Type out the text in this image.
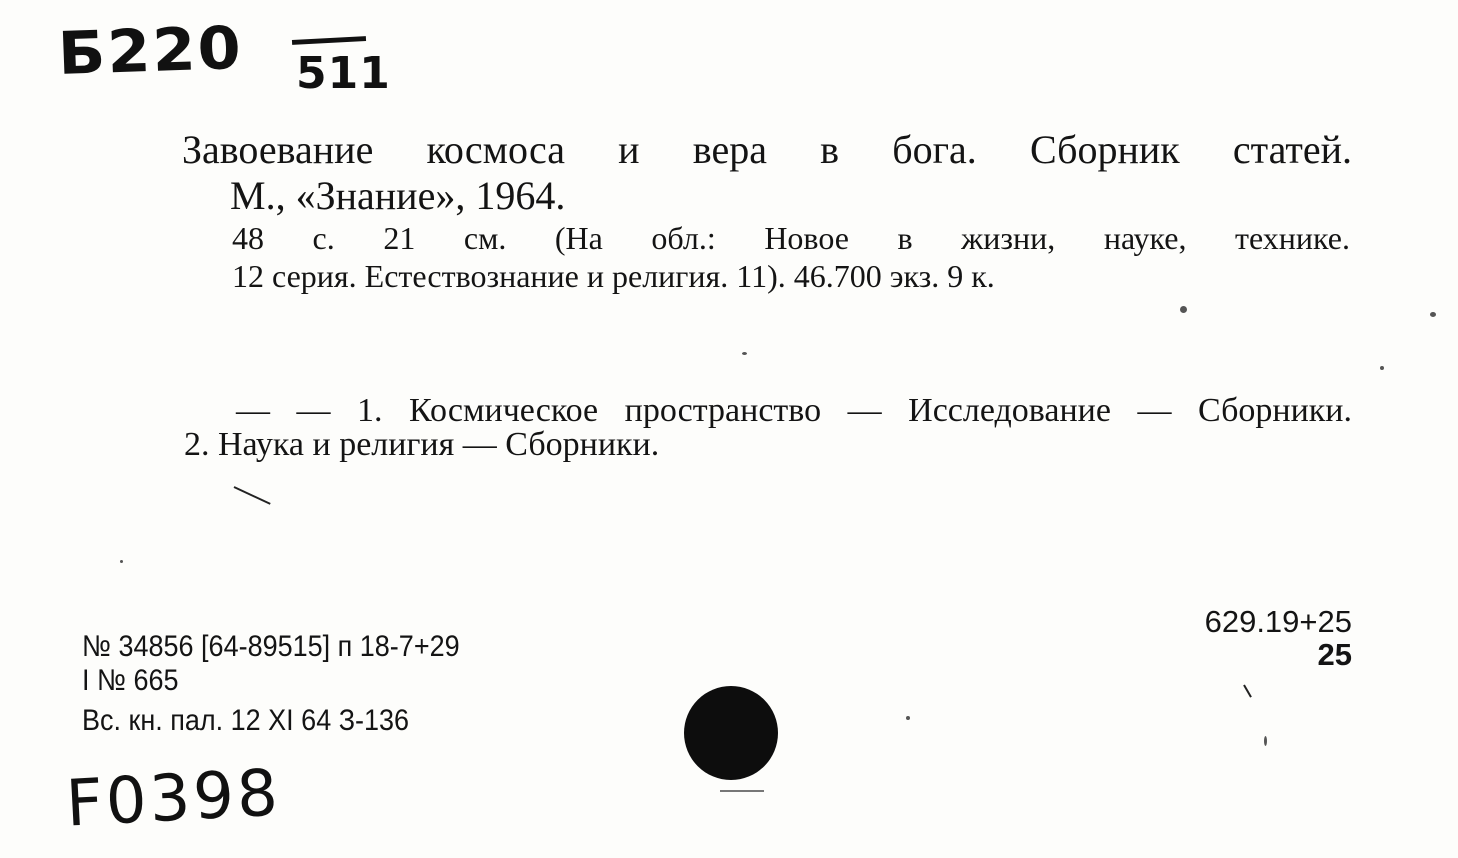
Б220 511
Завоевание космоса и вера в бога. Сборник статей.
М., «Знание», 1964.
48 с. 21 см. (На обл.: Новое в жизни, науке, технике.
12 серия. Естествознание и религия. 11). 46.700 экз. 9 к.
— — 1. Космическое пространство — Исследование — Сборники.
2. Наука и религия — Сборники.
№ 34856 [64-89515] п 18-7+29
I № 665
Вс. кн. пал. 12 XI 64 З-136
629.19+25
25
F0398
